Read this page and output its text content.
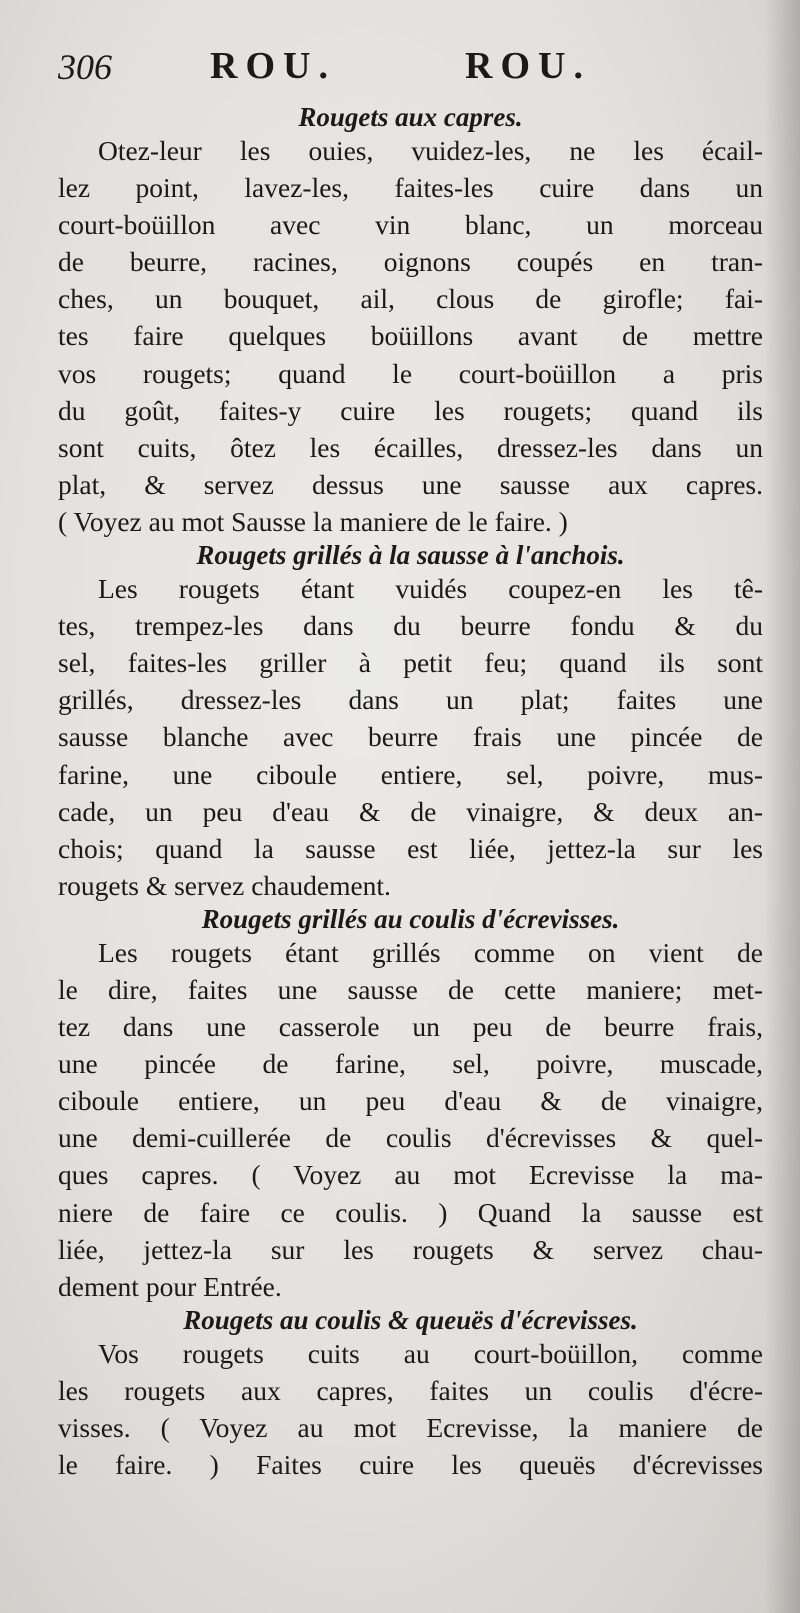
306	ROU.	ROU.
Rougets aux capres.
Otez-leur les ouies, vuidez-les, ne les écail-
lez point, lavez-les, faites-les cuire dans un
court-boüillon avec vin blanc, un morceau
de beurre, racines, oignons coupés en tran-
ches, un bouquet, ail, clous de girofle; fai-
tes faire quelques boüillons avant de mettre
vos rougets; quand le court-boüillon a pris
du goût, faites-y cuire les rougets; quand ils
sont cuits, ôtez les écailles, dressez-les dans un
plat, & servez dessus une sausse aux capres.
( Voyez au mot Sausse la maniere de le faire. )
Rougets grillés à la sausse à l'anchois.
Les rougets étant vuidés coupez-en les tê-
tes, trempez-les dans du beurre fondu & du
sel, faites-les griller à petit feu; quand ils sont
grillés, dressez-les dans un plat; faites une
sausse blanche avec beurre frais une pincée de
farine, une ciboule entiere, sel, poivre, mus-
cade, un peu d'eau & de vinaigre, & deux an-
chois; quand la sausse est liée, jettez-la sur les
rougets & servez chaudement.
Rougets grillés au coulis d'écrevisses.
Les rougets étant grillés comme on vient de
le dire, faites une sausse de cette maniere; met-
tez dans une casserole un peu de beurre frais,
une pincée de farine, sel, poivre, muscade,
ciboule entiere, un peu d'eau & de vinaigre,
une demi-cuillerée de coulis d'écrevisses & quel-
ques capres. ( Voyez au mot Ecrevisse la ma-
niere de faire ce coulis. ) Quand la sausse est
liée, jettez-la sur les rougets & servez chau-
dement pour Entrée.
Rougets au coulis & queuës d'écrevisses.
Vos rougets cuits au court-boüillon, comme
les rougets aux capres, faites un coulis d'écre-
visses. ( Voyez au mot Ecrevisse, la maniere de
le faire. ) Faites cuire les queuës d'écrevisses
